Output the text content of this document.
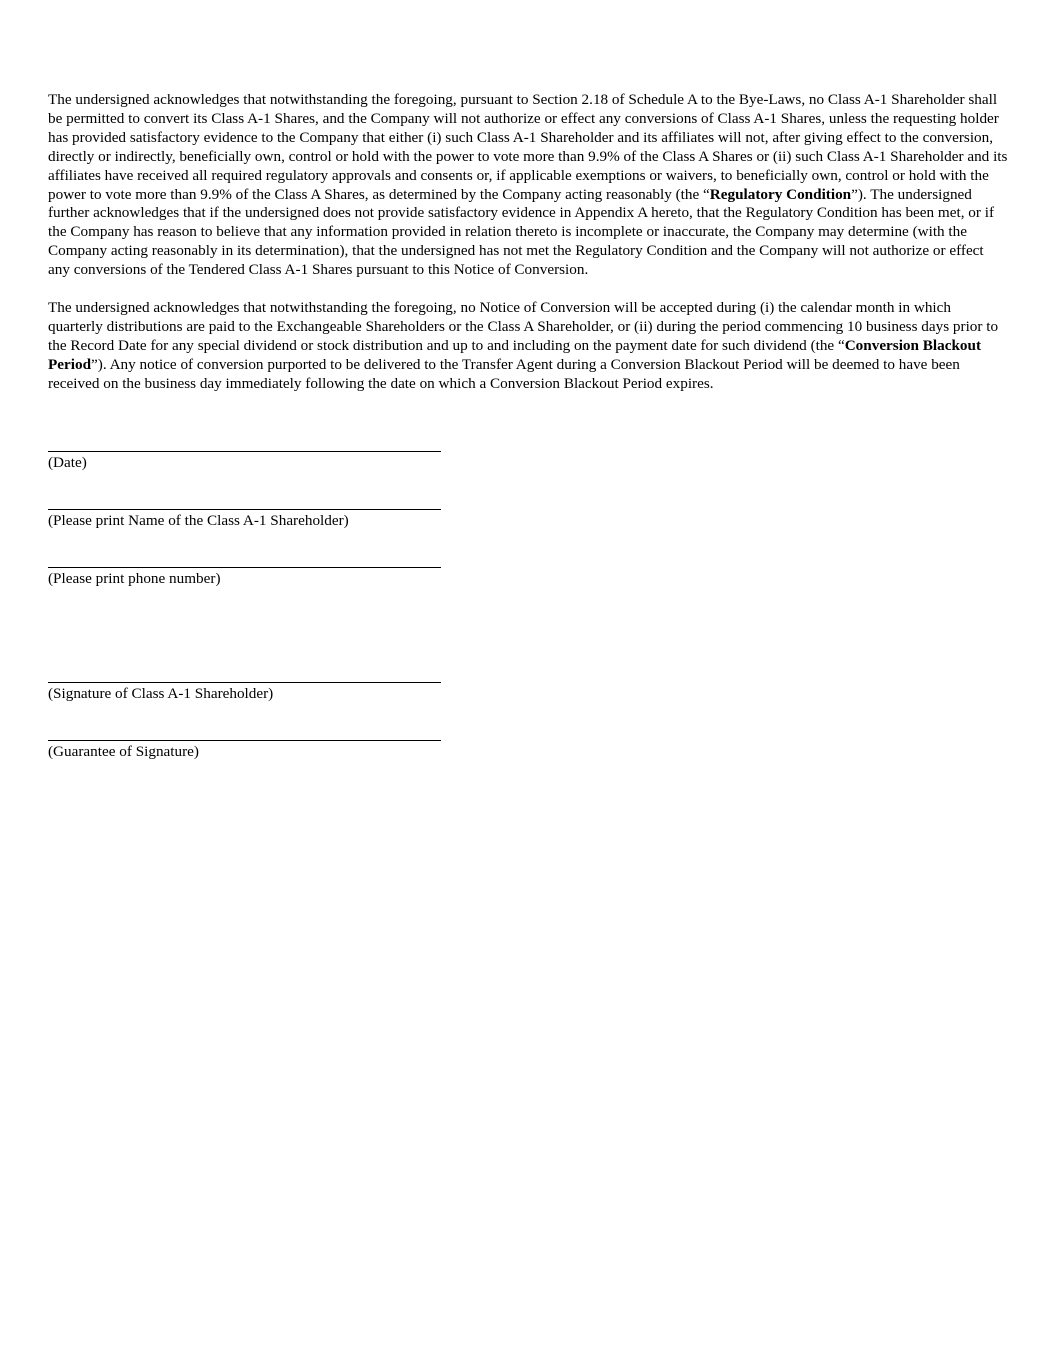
The undersigned acknowledges that notwithstanding the foregoing, pursuant to Section 2.18 of Schedule A to the Bye-Laws, no Class A-1 Shareholder shall be permitted to convert its Class A-1 Shares, and the Company will not authorize or effect any conversions of Class A-1 Shares, unless the requesting holder has provided satisfactory evidence to the Company that either (i) such Class A-1 Shareholder and its affiliates will not, after giving effect to the conversion, directly or indirectly, beneficially own, control or hold with the power to vote more than 9.9% of the Class A Shares or (ii) such Class A-1 Shareholder and its affiliates have received all required regulatory approvals and consents or, if applicable exemptions or waivers, to beneficially own, control or hold with the power to vote more than 9.9% of the Class A Shares, as determined by the Company acting reasonably (the “Regulatory Condition”). The undersigned further acknowledges that if the undersigned does not provide satisfactory evidence in Appendix A hereto, that the Regulatory Condition has been met, or if the Company has reason to believe that any information provided in relation thereto is incomplete or inaccurate, the Company may determine (with the Company acting reasonably in its determination), that the undersigned has not met the Regulatory Condition and the Company will not authorize or effect any conversions of the Tendered Class A-1 Shares pursuant to this Notice of Conversion.

The undersigned acknowledges that notwithstanding the foregoing, no Notice of Conversion will be accepted during (i) the calendar month in which quarterly distributions are paid to the Exchangeable Shareholders or the Class A Shareholder, or (ii) during the period commencing 10 business days prior to the Record Date for any special dividend or stock distribution and up to and including on the payment date for such dividend (the “Conversion Blackout Period”). Any notice of conversion purported to be delivered to the Transfer Agent during a Conversion Blackout Period will be deemed to have been received on the business day immediately following the date on which a Conversion Blackout Period expires.

(Date)
(Please print Name of the Class A-1 Shareholder)
(Please print phone number)
(Signature of Class A-1 Shareholder)
(Guarantee of Signature)
